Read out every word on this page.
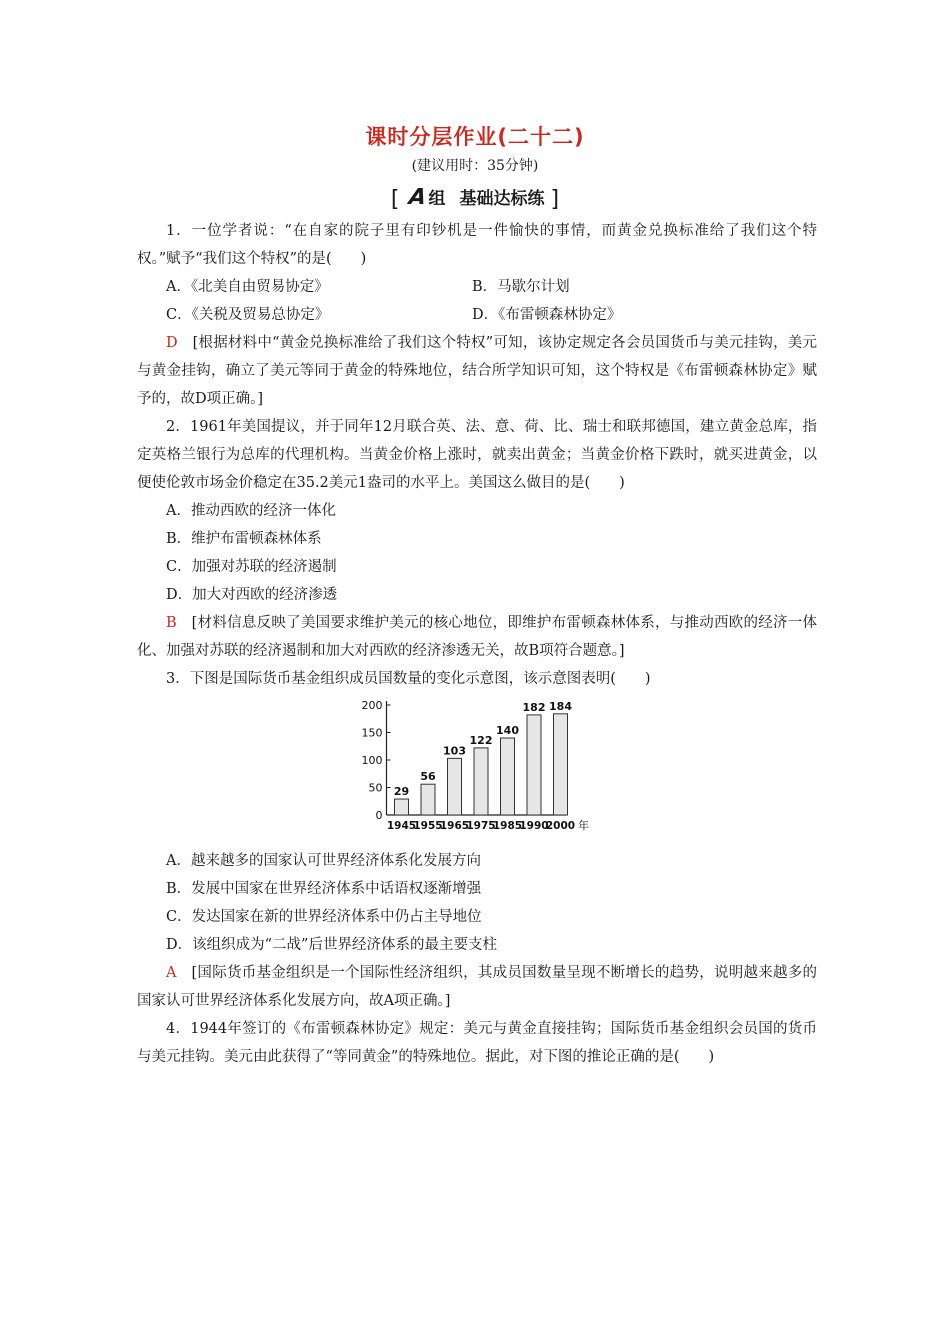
课时分层作业(二十二)
(建议用时：35分钟)
[ A组 基础达标练 ]
1．一位学者说：“在自家的院子里有印钞机是一件愉快的事情，而黄金兑换标准给了我们这个特权。”赋予“我们这个特权”的是(　　)
A．《北美自由贸易协定》	B．马歇尔计划
C．《关税及贸易总协定》	D．《布雷顿森林协定》
D　 [根据材料中“黄金兑换标准给了我们这个特权”可知，该协定规定各会员国货币与美元挂钩，美元与黄金挂钩，确立了美元等同于黄金的特殊地位，结合所学知识可知，这个特权是《布雷顿森林协定》赋予的，故D项正确。]
2．1961年美国提议，并于同年12月联合英、法、意、荷、比、瑞士和联邦德国，建立黄金总库，指定英格兰银行为总库的代理机构。当黄金价格上涨时，就卖出黄金；当黄金价格下跌时，就买进黄金，以便使伦敦市场金价稳定在35.2美元1盎司的水平上。美国这么做目的是(　　)
A．推动西欧的经济一体化
B．维护布雷顿森林体系
C．加强对苏联的经济遏制
D．加大对西欧的经济渗透
B　 [材料信息反映了美国要求维护美元的核心地位，即维护布雷顿森林体系，与推动西欧的经济一体化、加强对苏联的经济遏制和加大对西欧的经济渗透无关，故B项符合题意。]
3．下图是国际货币基金组织成员国数量的变化示意图，该示意图表明(　　)
0
50
100
150
200
29
1945
56
1955
103
1965
122
1975
140
1985
182
1990
184
2000 年
A．越来越多的国家认可世界经济体系化发展方向
B．发展中国家在世界经济体系中话语权逐渐增强
C．发达国家在新的世界经济体系中仍占主导地位
D．该组织成为“二战”后世界经济体系的最主要支柱
A　 [国际货币基金组织是一个国际性经济组织，其成员国数量呈现不断增长的趋势，说明越来越多的国家认可世界经济体系化发展方向，故A项正确。]
4．1944年签订的《布雷顿森林协定》规定：美元与黄金直接挂钩；国际货币基金组织会员国的货币与美元挂钩。美元由此获得了“等同黄金”的特殊地位。据此，对下图的推论正确的是(　　)
